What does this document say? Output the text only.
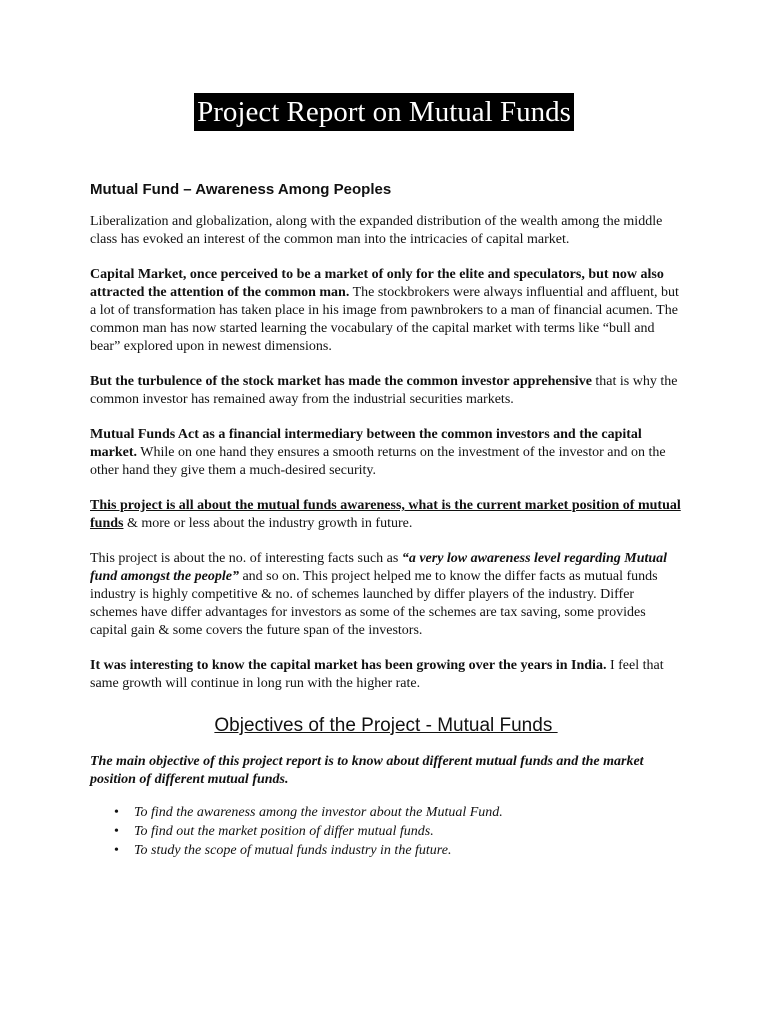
Project Report on Mutual Funds
Mutual Fund – Awareness Among Peoples

Liberalization and globalization, along with the expanded distribution of the wealth among the middle class has evoked an interest of the common man into the intricacies of capital market.

Capital Market, once perceived to be a market of only for the elite and speculators, but now also attracted the attention of the common man. The stockbrokers were always influential and affluent, but a lot of transformation has taken place in his image from pawnbrokers to a man of financial acumen. The common man has now started learning the vocabulary of the capital market with terms like “bull and bear” explored upon in newest dimensions.

But the turbulence of the stock market has made the common investor apprehensive that is why the common investor has remained away from the industrial securities markets.

Mutual Funds Act as a financial intermediary between the common investors and the capital market. While on one hand they ensures a smooth returns on the investment of the investor and on the other hand they give them a much-desired security.

This project is all about the mutual funds awareness, what is the current market position of mutual funds & more or less about the industry growth in future.

This project is about the no. of interesting facts such as “a very low awareness level regarding Mutual fund amongst the people” and so on. This project helped me to know the differ facts as mutual funds industry is highly competitive & no. of schemes launched by differ players of the industry. Differ schemes have differ advantages for investors as some of the schemes are tax saving, some provides capital gain & some covers the future span of the investors.

It was interesting to know the capital market has been growing over the years in India. I feel that same growth will continue in long run with the higher rate.

Objectives of the Project - Mutual Funds

The main objective of this project report is to know about different mutual funds and the market position of different mutual funds.

• To find the awareness among the investor about the Mutual Fund.
• To find out the market position of differ mutual funds.
• To study the scope of mutual funds industry in the future.
